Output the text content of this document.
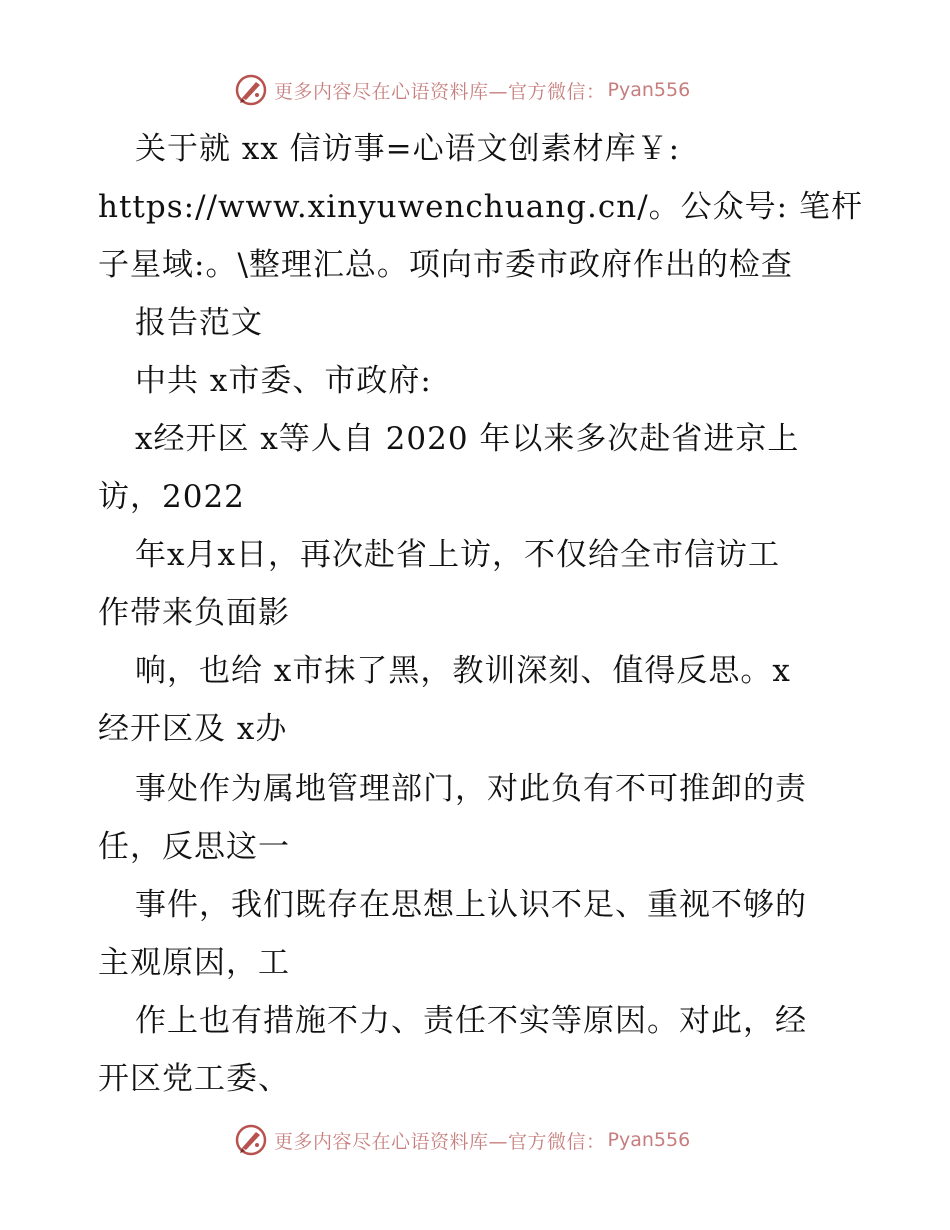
更多内容尽在心语资料库—官方微信： Pyan556
关于就 xx 信访事=心语文创素材库￥:
https://www.xinyuwenchuang.cn/。公众号: 笔杆
子星域:。\整理汇总。项向市委市政府作出的检查
报告范文
中共 x市委、市政府:
x经开区 x等人自 2020 年以来多次赴省进京上
访，2022
年x月x日，再次赴省上访，不仅给全市信访工
作带来负面影
响，也给 x市抹了黑，教训深刻、值得反思。x
经开区及 x办
事处作为属地管理部门，对此负有不可推卸的责
任，反思这一
事件，我们既存在思想上认识不足、重视不够的
主观原因，工
作上也有措施不力、责任不实等原因。对此，经
开区党工委、
更多内容尽在心语资料库—官方微信： Pyan556
